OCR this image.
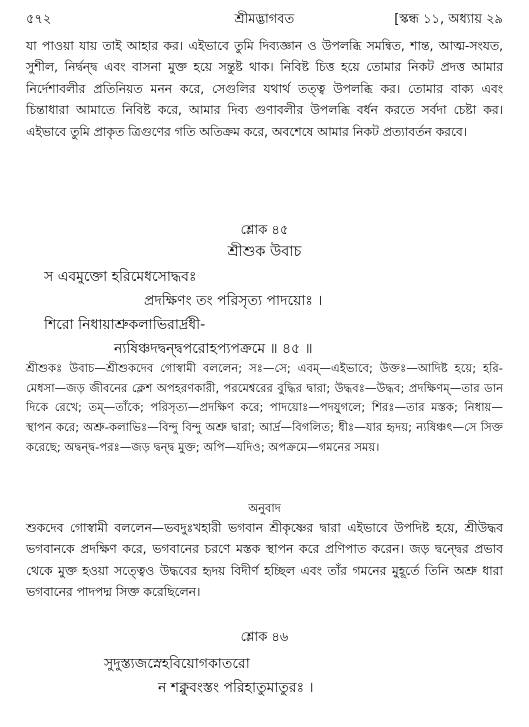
৫৭২	শ্রীমদ্ভাগবত	[স্কন্ধ ১১, অধ্যায় ২৯
যা পাওয়া যায় তাই আহার কর। এইভাবে তুমি দিব্যজ্ঞান ও উপলব্ধি সমন্বিত, শান্ত, আত্ম-সংযত, সুশীল, নির্দ্বন্দ্ব এবং বাসনা মুক্ত হয়ে সন্তুষ্ট থাক। নিবিষ্ট চিত্ত হয়ে তোমার নিকট প্রদত্ত আমার নির্দেশাবলীর প্রতিনিয়ত মনন করে, সেগুলির যথার্থ তত্ত্ব উপলব্ধি কর। তোমার বাক্য এবং চিন্তাধারা আমাতে নিবিষ্ট করে, আমার দিব্য গুণাবলীর উপলব্ধি বর্ধন করতে সর্বদা চেষ্টা কর। এইভাবে তুমি প্রাকৃত ত্রিগুণের গতি অতিক্রম করে, অবশেষে আমার নিকট প্রত্যাবর্তন করবে।
শ্লোক ৪৫
শ্রীশুক উবাচ
স এবমুক্তো হরিমেধসোদ্ধবঃ
প্রদক্ষিণং তং পরিসৃত্য পাদয়োঃ ।
শিরো নিধায়াশ্রুকলাভিরার্দ্রধী-
ন্যষিঞ্চদদ্বন্দ্বপরোহপ্যপক্রমে ॥ ৪৫ ॥
শ্রীশুকঃ উবাচ—শ্রীশুকদেব গোস্বামী বললেন; সঃ—সে; এবম্—এইভাবে; উক্তঃ—আদিষ্ট হয়ে; হরি-মেধসা—জড় জীবনের ক্লেশ অপহরণকারী, পরমেশ্বরের বুদ্ধির দ্বারা; উদ্ধবঃ—উদ্ধব; প্রদক্ষিণম্—তার ডান দিকে রেখে; তম্—তাঁকে; পরিসৃত্য—প্রদক্ষিণ করে; পাদয়োঃ—পদযুগলে; শিরঃ—তার মস্তক; নিধায়—স্থাপন করে; অশ্রু-কলাভিঃ—বিন্দু বিন্দু অশ্রু দ্বারা; আর্দ্র—বিগলিত; ধীঃ—যার হৃদয়; ন্যষিঞ্চৎ—সে সিক্ত করেছে; অদ্বন্দ্ব-পরঃ—জড় দ্বন্দ্ব মুক্ত; অপি—যদিও; অপক্রমে—গমনের সময়।
অনুবাদ
শুকদেব গোস্বামী বললেন—ভবদুঃখহারী ভগবান শ্রীকৃষ্ণের দ্বারা এইভাবে উপদিষ্ট হয়ে, শ্রীউদ্ধব ভগবানকে প্রদক্ষিণ করে, ভগবানের চরণে মস্তক স্থাপন করে প্রণিপাত করেন। জড় দ্বন্দ্বের প্রভাব থেকে মুক্ত হওয়া সত্ত্বেও উদ্ধবের হৃদয় বিদীর্ণ হচ্ছিল এবং তাঁর গমনের মুহূর্তে তিনি অশ্রু ধারা ভগবানের পাদপদ্ম সিক্ত করেছিলেন।
শ্লোক ৪৬
সুদুস্ত্যজস্নেহবিয়োগকাতরো
ন শক্নুবংস্তং পরিহাতুমাতুরঃ ।
